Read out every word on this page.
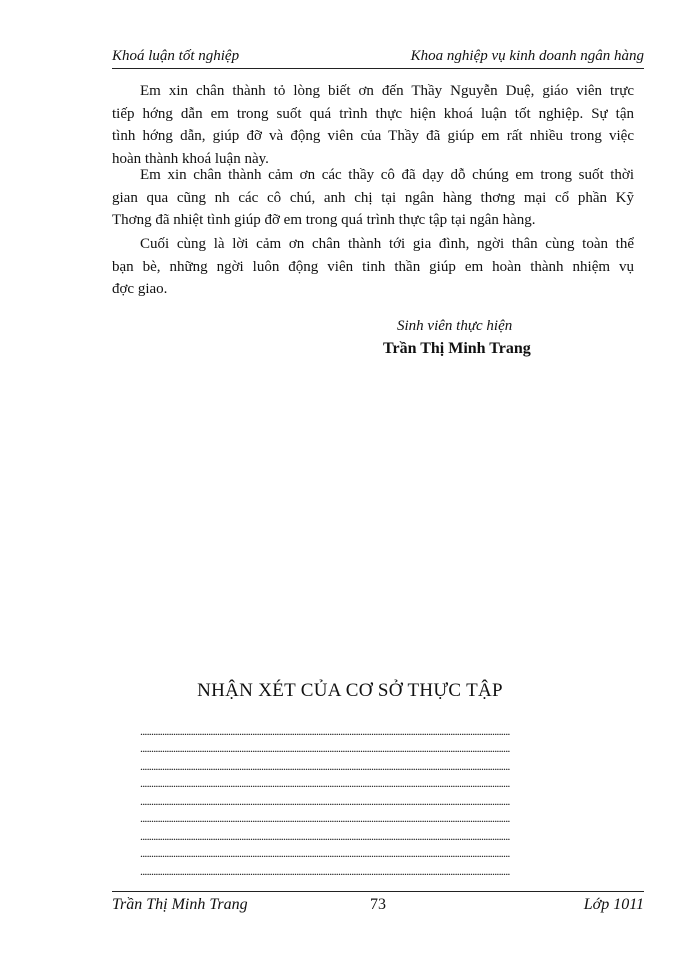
Khoá luận tốt nghiệp	Khoa nghiệp vụ kinh doanh ngân hàng
Em xin chân thành tỏ lòng biết ơn đến Thầy Nguyễn Duệ, giáo viên trực
tiếp hớng dẫn em trong suốt quá trình thực hiện khoá luận tốt nghiệp. Sự tận
tình hớng dẫn, giúp đỡ và động viên của Thầy đã giúp em rất nhiều trong việc
hoàn thành khoá luận này.
Em xin chân thành cảm ơn các thầy cô đã dạy dỗ chúng em trong suốt thời
gian qua cũng nh các cô chú, anh chị tại ngân hàng thơng mại cổ phần Kỹ
Thơng đã nhiệt tình giúp đỡ em trong quá trình thực tập tại ngân hàng.
Cuối cùng là lời cảm ơn chân thành tới gia đình, ngời thân cùng toàn thể
bạn bè, những ngời luôn động viên tinh thần giúp em hoàn thành nhiệm vụ
đợc giao.
Sinh viên thực hiện
Trần Thị Minh Trang
NHẬN XÉT CỦA CƠ SỞ THỰC TẬP
.....
.....
.....
.....
.....
.....
.....
.....
.....
Trần Thị Minh Trang	73	Lớp 1011
